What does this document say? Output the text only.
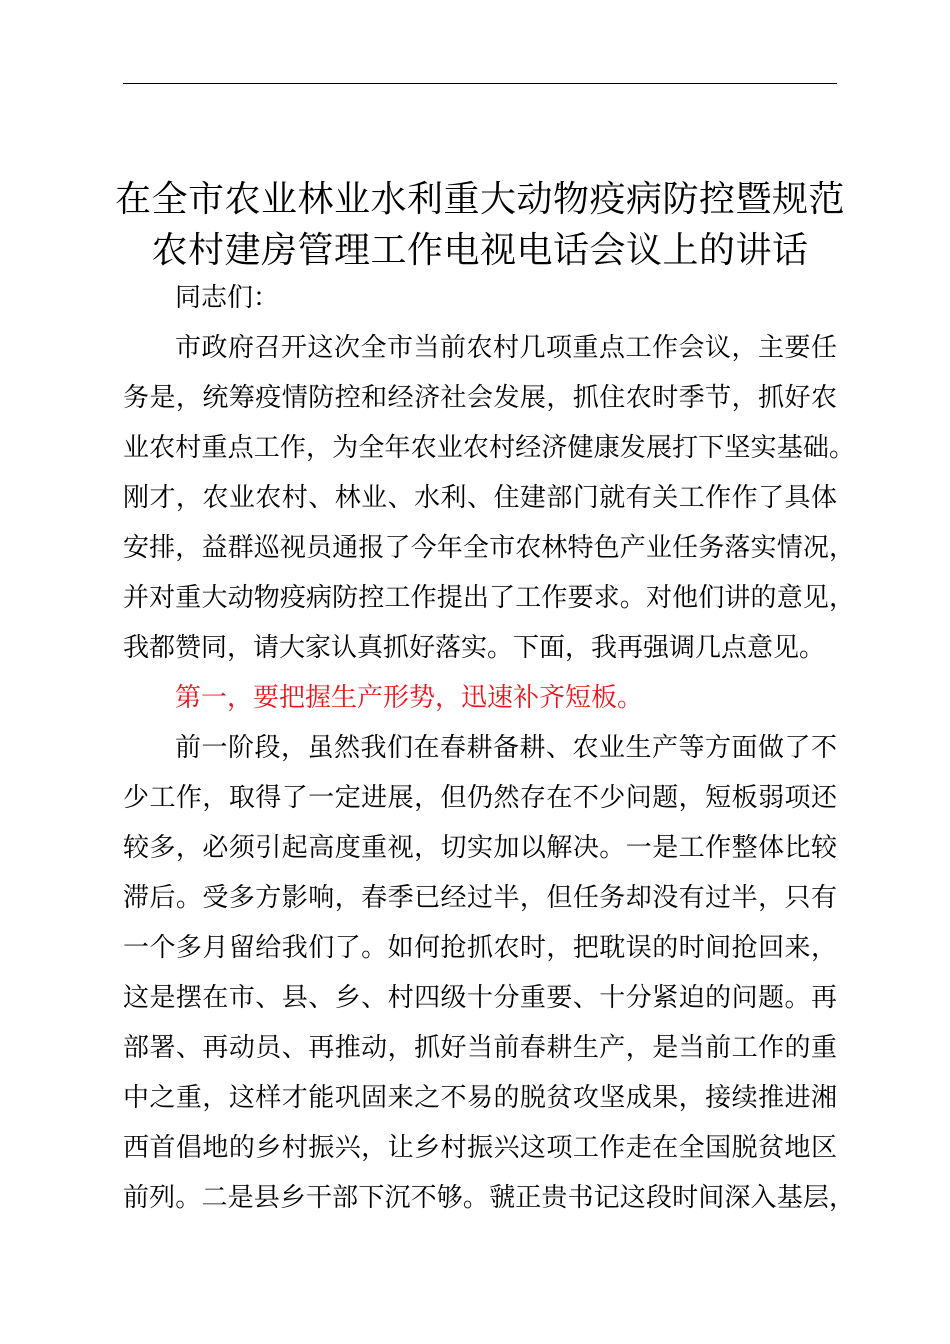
在全市农业林业水利重大动物疫病防控暨规范
农村建房管理工作电视电话会议上的讲话
同志们：
市政府召开这次全市当前农村几项重点工作会议，主要任
务是，统筹疫情防控和经济社会发展，抓住农时季节，抓好农
业农村重点工作，为全年农业农村经济健康发展打下坚实基础。
刚才，农业农村、林业、水利、住建部门就有关工作作了具体
安排，益群巡视员通报了今年全市农林特色产业任务落实情况，
并对重大动物疫病防控工作提出了工作要求。对他们讲的意见，
我都赞同，请大家认真抓好落实。下面，我再强调几点意见。
第一，要把握生产形势，迅速补齐短板。
前一阶段，虽然我们在春耕备耕、农业生产等方面做了不
少工作，取得了一定进展，但仍然存在不少问题，短板弱项还
较多，必须引起高度重视，切实加以解决。一是工作整体比较
滞后。受多方影响，春季已经过半，但任务却没有过半，只有
一个多月留给我们了。如何抢抓农时，把耽误的时间抢回来，
这是摆在市、县、乡、村四级十分重要、十分紧迫的问题。再
部署、再动员、再推动，抓好当前春耕生产，是当前工作的重
中之重，这样才能巩固来之不易的脱贫攻坚成果，接续推进湘
西首倡地的乡村振兴，让乡村振兴这项工作走在全国脱贫地区
前列。二是县乡干部下沉不够。虢正贵书记这段时间深入基层，
